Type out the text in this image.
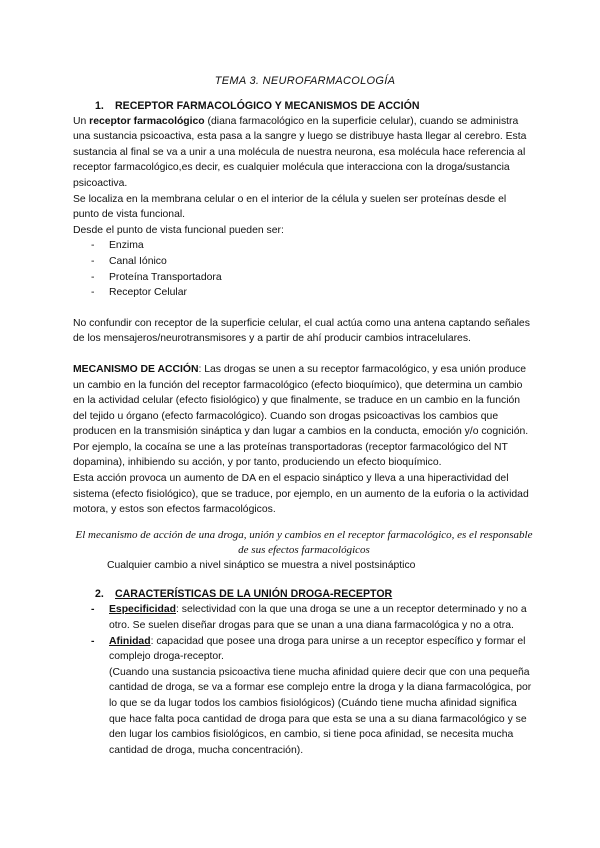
TEMA 3. NEUROFARMACOLOGÍA
1. RECEPTOR FARMACOLÓGICO Y MECANISMOS DE ACCIÓN

Un receptor farmacológico (diana farmacológico en la superficie celular), cuando se administra una sustancia psicoactiva, esta pasa a la sangre y luego se distribuye hasta llegar al cerebro. Esta sustancia al final se va a unir a una molécula de nuestra neurona, esa molécula hace referencia al receptor farmacológico,es decir, es cualquier molécula que interacciona con la droga/sustancia psicoactiva.

Se localiza en la membrana celular o en el interior de la célula y suelen ser proteínas desde el punto de vista funcional.

Desde el punto de vista funcional pueden ser:

- Enzima
- Canal Iónico
- Proteína Transportadora
- Receptor Celular

No confundir con receptor de la superficie celular, el cual actúa como una antena captando señales de los mensajeros/neurotransmisores y a partir de ahí producir cambios intracelulares.

MECANISMO DE ACCIÓN: Las drogas se unen a su receptor farmacológico, y esa unión produce un cambio en la función del receptor farmacológico (efecto bioquímico), que determina un cambio en la actividad celular (efecto fisiológico) y que finalmente, se traduce en un cambio en la función del tejido u órgano (efecto farmacológico). Cuando son drogas psicoactivas los cambios que producen en la transmisión sináptica y dan lugar a cambios en la conducta, emoción y/o cognición.

Por ejemplo, la cocaína se une a las proteínas transportadoras (receptor farmacológico del NT dopamina), inhibiendo su acción, y por tanto, produciendo un efecto bioquímico.

Esta acción provoca un aumento de DA en el espacio sináptico y lleva a una hiperactividad del sistema (efecto fisiológico), que se traduce, por ejemplo, en un aumento de la euforia o la actividad motora, y estos son efectos farmacológicos.

El mecanismo de acción de una droga, unión y cambios en el receptor farmacológico, es el responsable de sus efectos farmacológicos

Cualquier cambio a nivel sináptico se muestra a nivel postsináptico

2. CARACTERÍSTICAS DE LA UNIÓN DROGA-RECEPTOR
- Especificidad: selectividad con la que una droga se une a un receptor determinado y no a otro. Se suelen diseñar drogas para que se unan a una diana farmacológica y no a otra.
- Afinidad: capacidad que posee una droga para unirse a un receptor específico y formar el complejo droga-receptor.
(Cuando una sustancia psicoactiva tiene mucha afinidad quiere decir que con una pequeña cantidad de droga, se va a formar ese complejo entre la droga y la diana farmacológica, por lo que se da lugar todos los cambios fisiológicos) (Cuándo tiene mucha afinidad significa que hace falta poca cantidad de droga para que esta se una a su diana farmacológico y se den lugar los cambios fisiológicos, en cambio, si tiene poca afinidad, se necesita mucha cantidad de droga, mucha concentración).
